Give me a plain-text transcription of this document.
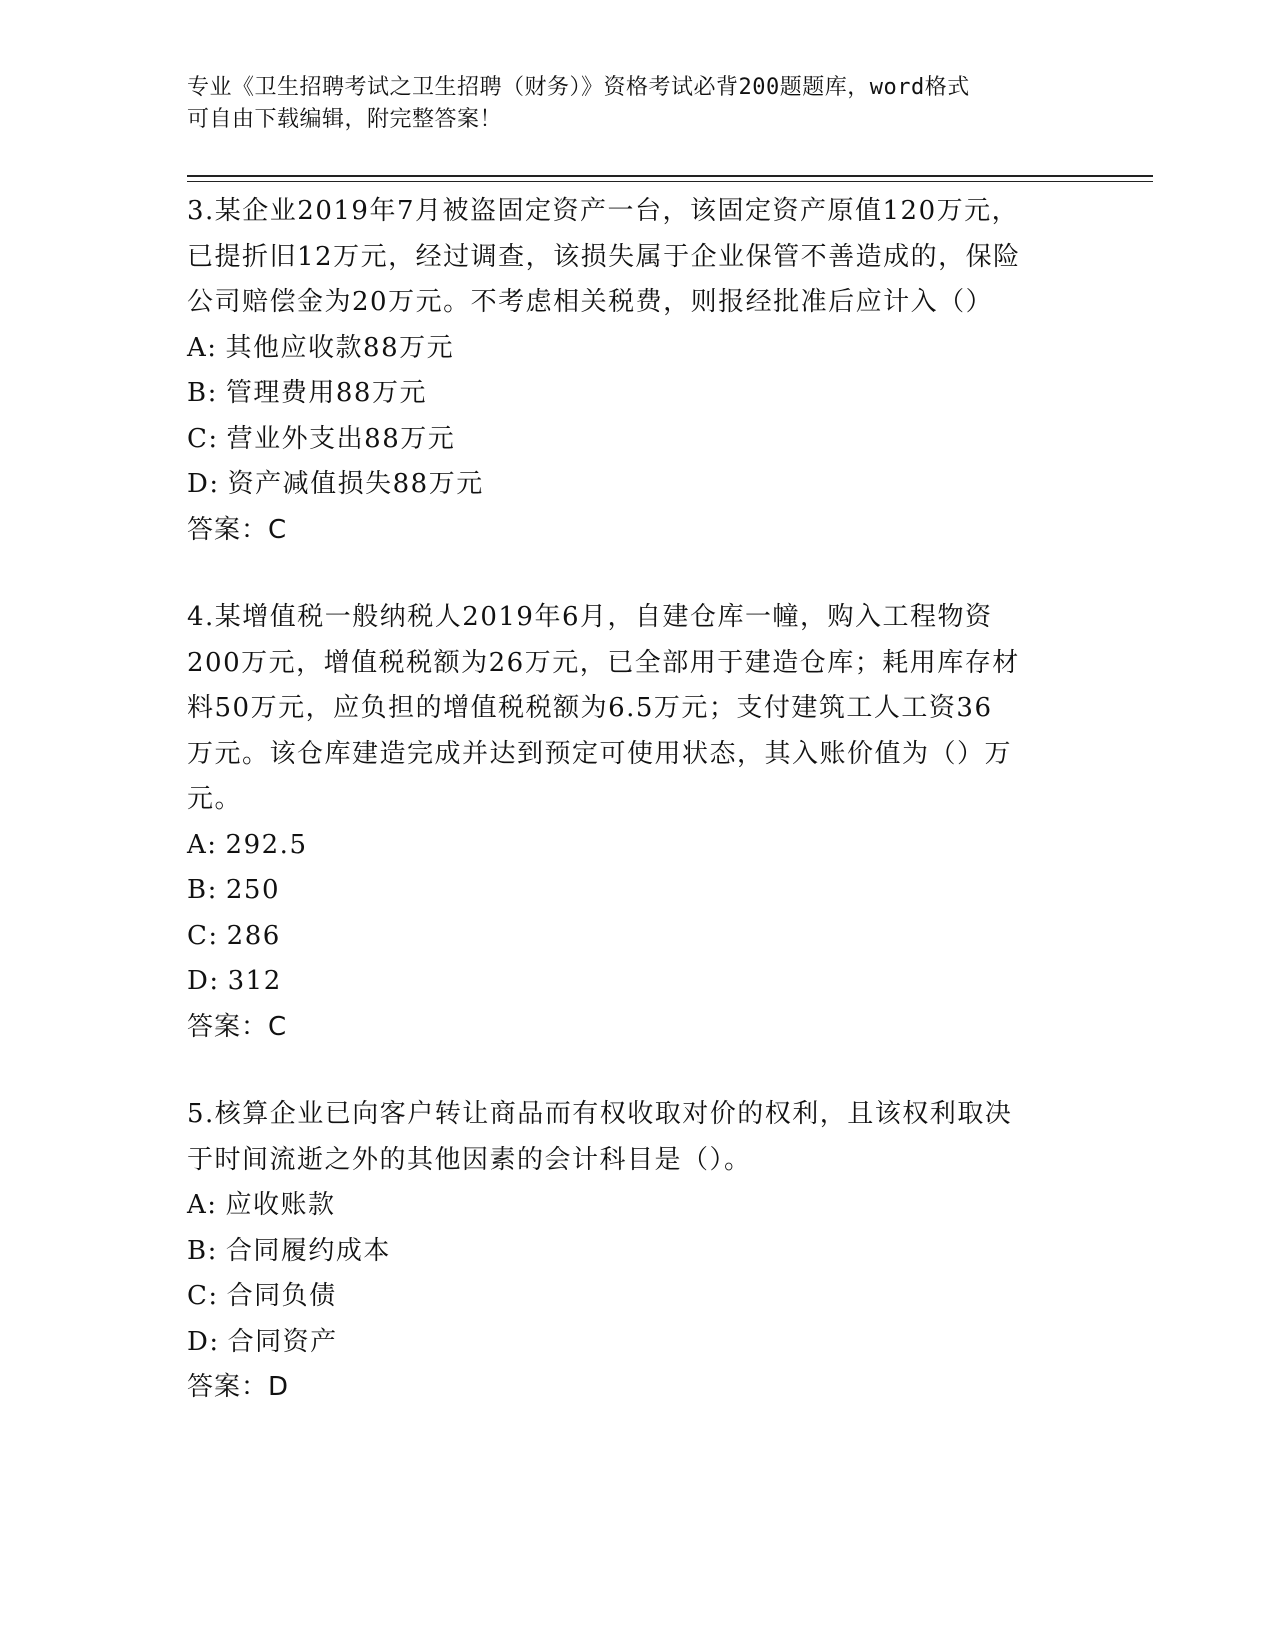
专业《卫生招聘考试之卫生招聘（财务）》资格考试必背200题题库，word格式
可自由下载编辑，附完整答案！
3.某企业2019年7月被盗固定资产一台，该固定资产原值120万元，
已提折旧12万元，经过调查，该损失属于企业保管不善造成的，保险
公司赔偿金为20万元。不考虑相关税费，则报经批准后应计入（）
A: 其他应收款88万元
B: 管理费用88万元
C: 营业外支出88万元
D: 资产减值损失88万元
答案：C
4.某增值税一般纳税人2019年6月，自建仓库一幢，购入工程物资
200万元，增值税税额为26万元，已全部用于建造仓库；耗用库存材
料50万元，应负担的增值税税额为6.5万元；支付建筑工人工资36
万元。该仓库建造完成并达到预定可使用状态，其入账价值为（）万
元。
A: 292.5
B: 250
C: 286
D: 312
答案：C
5.核算企业已向客户转让商品而有权收取对价的权利，且该权利取决
于时间流逝之外的其他因素的会计科目是（）。
A: 应收账款
B: 合同履约成本
C: 合同负债
D: 合同资产
答案：D
